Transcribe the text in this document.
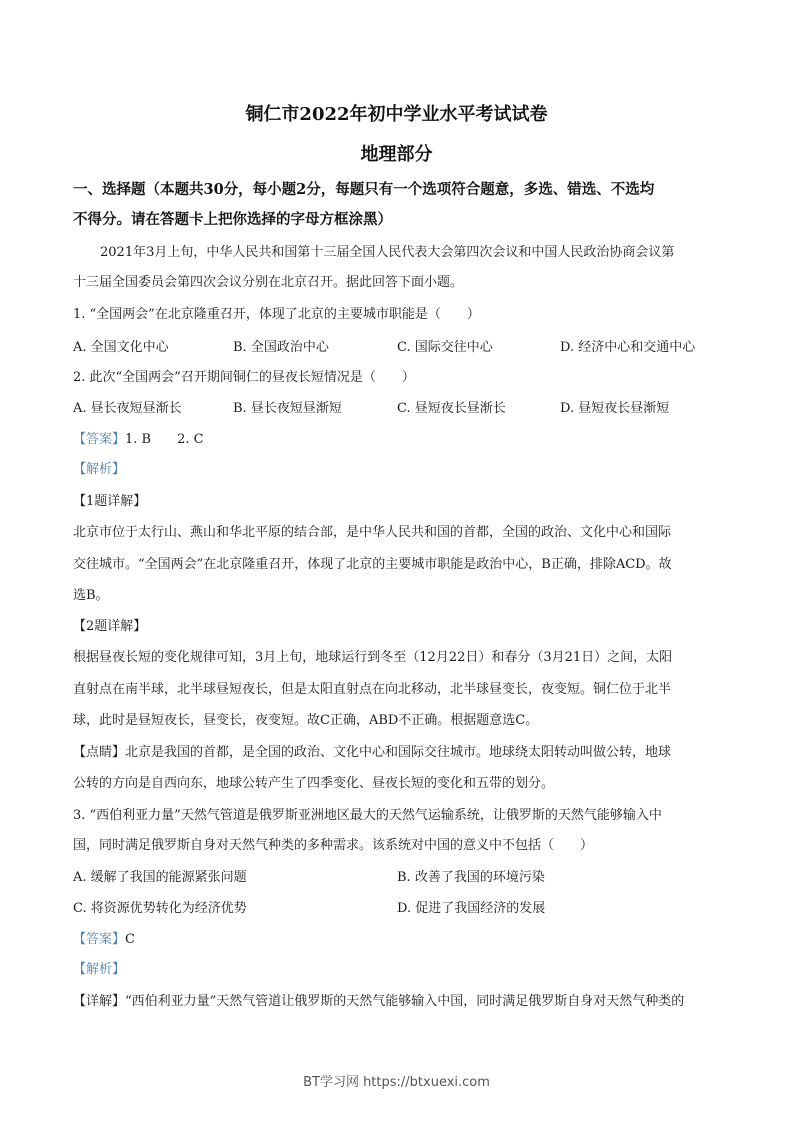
铜仁市2022年初中学业水平考试试卷
地理部分
一、选择题（本题共30分，每小题2分，每题只有一个选项符合题意，多选、错选、不选均
不得分。请在答题卡上把你选择的字母方框涂黑）
2021年3月上旬，中华人民共和国第十三届全国人民代表大会第四次会议和中国人民政治协商会议第
十三届全国委员会第四次会议分别在北京召开。据此回答下面小题。
1. “全国两会”在北京隆重召开，体现了北京的主要城市职能是（　　）
A. 全国文化中心	B. 全国政治中心	C. 国际交往中心	D. 经济中心和交通中心
2. 此次“全国两会”召开期间铜仁的昼夜长短情况是（　　）
A. 昼长夜短昼渐长	B. 昼长夜短昼渐短	C. 昼短夜长昼渐长	D. 昼短夜长昼渐短
【答案】1. B　　2. C
【解析】
【1题详解】
北京市位于太行山、燕山和华北平原的结合部，是中华人民共和国的首都，全国的政治、文化中心和国际
交往城市。“全国两会”在北京隆重召开，体现了北京的主要城市职能是政治中心，B正确，排除ACD。故
选B。
【2题详解】
根据昼夜长短的变化规律可知，3月上旬，地球运行到冬至（12月22日）和春分（3月21日）之间，太阳
直射点在南半球，北半球昼短夜长，但是太阳直射点在向北移动，北半球昼变长，夜变短。铜仁位于北半
球，此时是昼短夜长，昼变长，夜变短。故C正确，ABD不正确。根据题意选C。
【点睛】北京是我国的首都，是全国的政治、文化中心和国际交往城市。地球绕太阳转动叫做公转，地球
公转的方向是自西向东，地球公转产生了四季变化、昼夜长短的变化和五带的划分。
3. “西伯利亚力量”天然气管道是俄罗斯亚洲地区最大的天然气运输系统，让俄罗斯的天然气能够输入中
国，同时满足俄罗斯自身对天然气种类的多种需求。该系统对中国的意义中不包括（　　）
A. 缓解了我国的能源紧张问题	B. 改善了我国的环境污染
C. 将资源优势转化为经济优势	D. 促进了我国经济的发展
【答案】C
【解析】
【详解】“西伯利亚力量”天然气管道让俄罗斯的天然气能够输入中国，同时满足俄罗斯自身对天然气种类的
BT学习网 https://btxuexi.com
